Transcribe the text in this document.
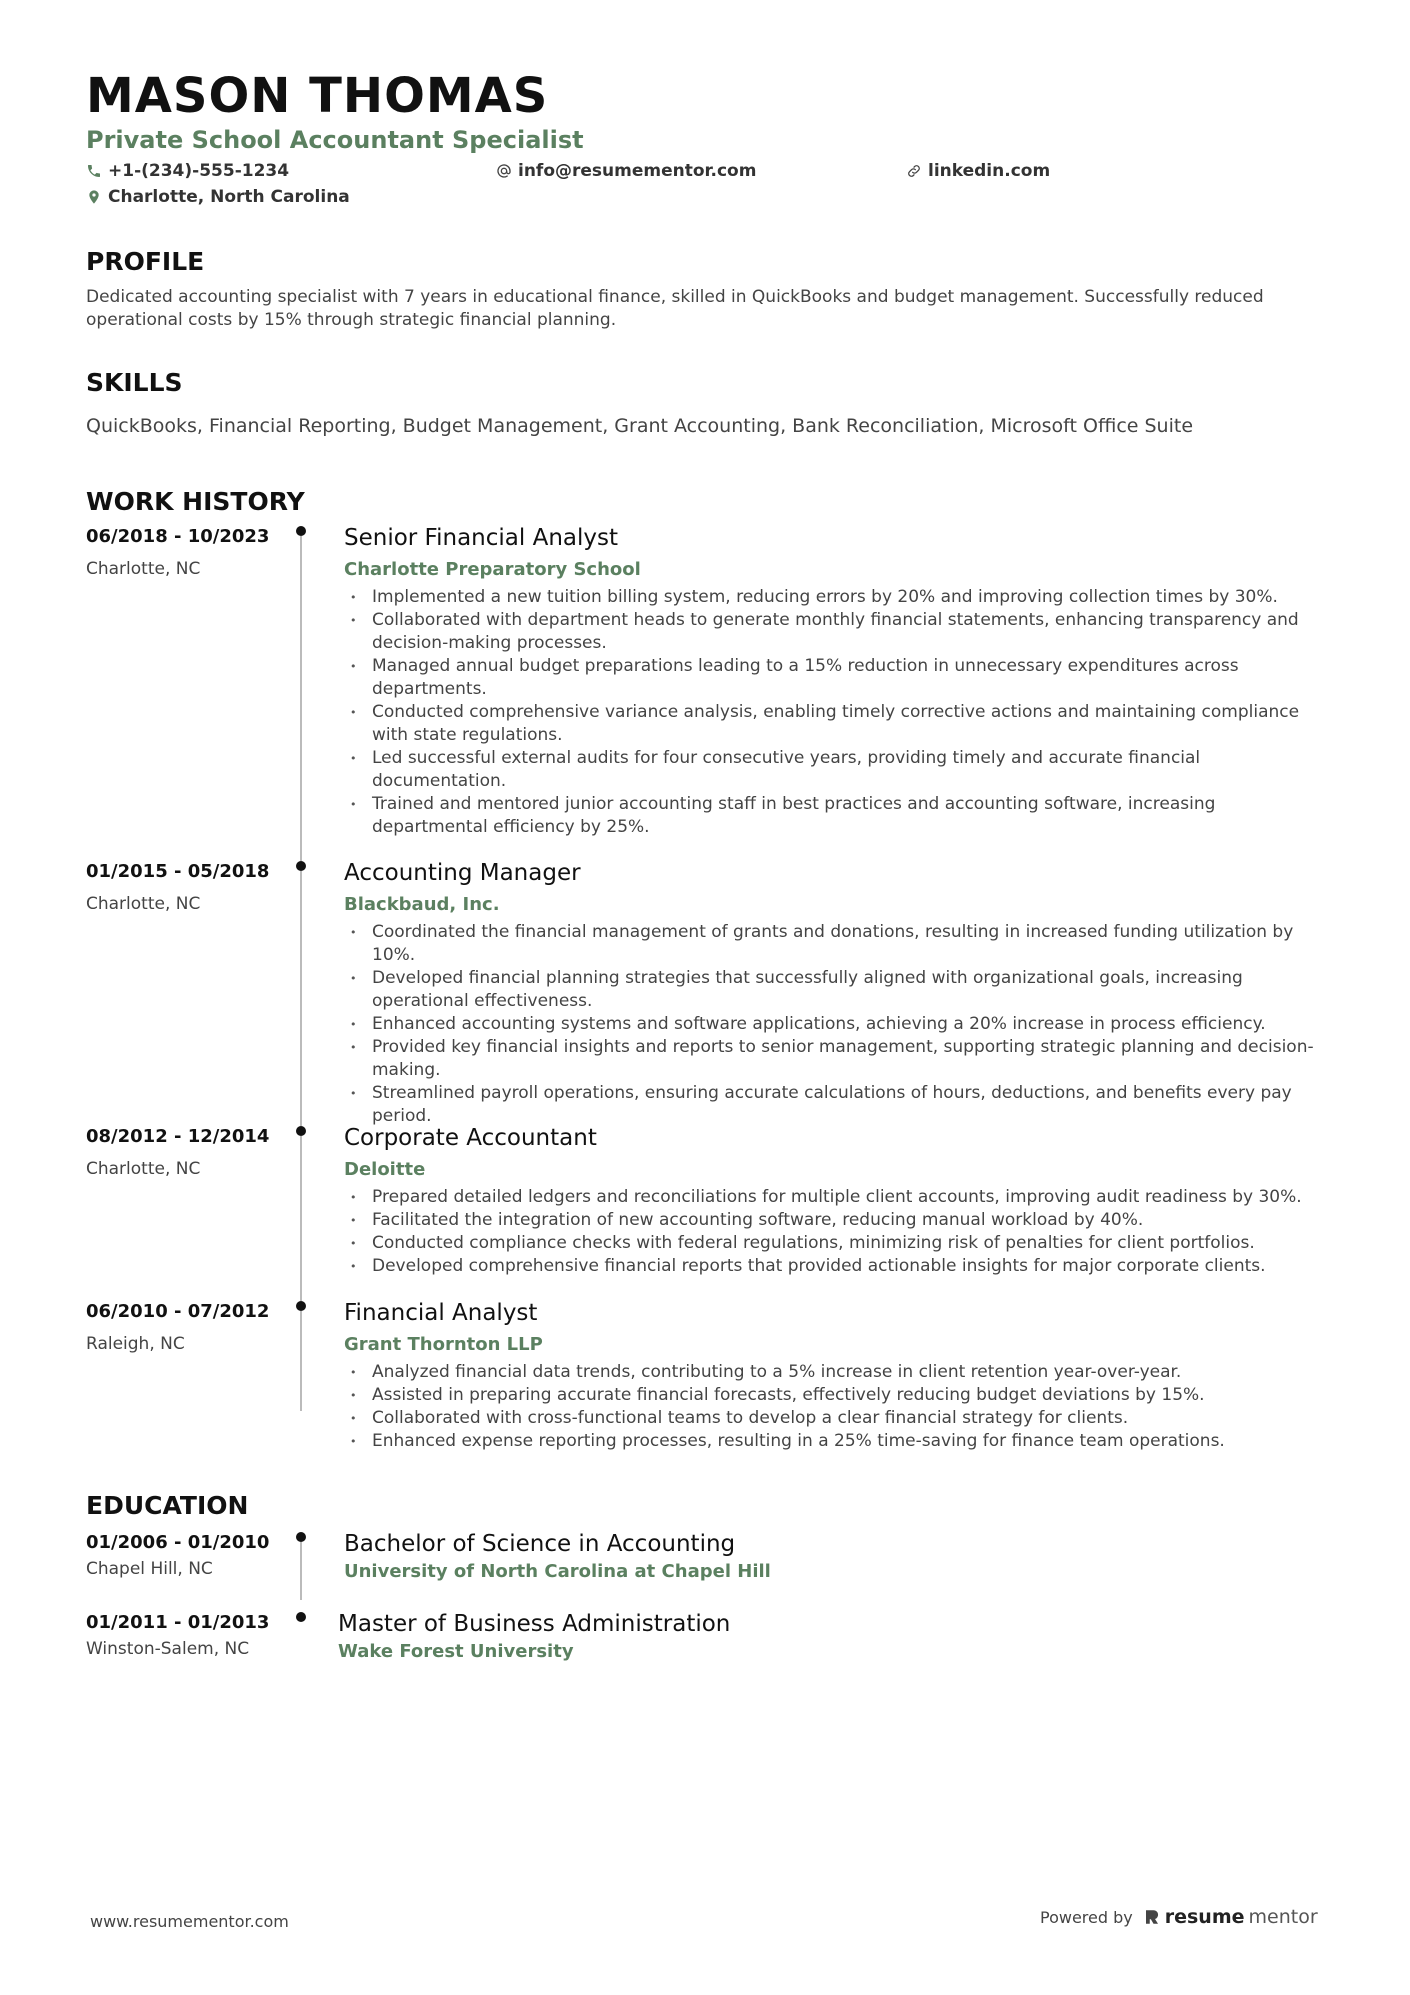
MASON THOMAS
Private School Accountant Specialist
+1-(234)-555-1234	info@resumementor.com	linkedin.com
Charlotte, North Carolina
PROFILE
Dedicated accounting specialist with 7 years in educational finance, skilled in QuickBooks and budget management. Successfully reduced operational costs by 15% through strategic financial planning.
SKILLS
QuickBooks, Financial Reporting, Budget Management, Grant Accounting, Bank Reconciliation, Microsoft Office Suite
WORK HISTORY
06/2018 - 10/2023
Charlotte, NC
Senior Financial Analyst
Charlotte Preparatory School
• Implemented a new tuition billing system, reducing errors by 20% and improving collection times by 30%.
• Collaborated with department heads to generate monthly financial statements, enhancing transparency and decision-making processes.
• Managed annual budget preparations leading to a 15% reduction in unnecessary expenditures across departments.
• Conducted comprehensive variance analysis, enabling timely corrective actions and maintaining compliance with state regulations.
• Led successful external audits for four consecutive years, providing timely and accurate financial documentation.
• Trained and mentored junior accounting staff in best practices and accounting software, increasing departmental efficiency by 25%.
01/2015 - 05/2018
Charlotte, NC
Accounting Manager
Blackbaud, Inc.
• Coordinated the financial management of grants and donations, resulting in increased funding utilization by 10%.
• Developed financial planning strategies that successfully aligned with organizational goals, increasing operational effectiveness.
• Enhanced accounting systems and software applications, achieving a 20% increase in process efficiency.
• Provided key financial insights and reports to senior management, supporting strategic planning and decision-making.
• Streamlined payroll operations, ensuring accurate calculations of hours, deductions, and benefits every pay period.
08/2012 - 12/2014
Charlotte, NC
Corporate Accountant
Deloitte
• Prepared detailed ledgers and reconciliations for multiple client accounts, improving audit readiness by 30%.
• Facilitated the integration of new accounting software, reducing manual workload by 40%.
• Conducted compliance checks with federal regulations, minimizing risk of penalties for client portfolios.
• Developed comprehensive financial reports that provided actionable insights for major corporate clients.
06/2010 - 07/2012
Raleigh, NC
Financial Analyst
Grant Thornton LLP
• Analyzed financial data trends, contributing to a 5% increase in client retention year-over-year.
• Assisted in preparing accurate financial forecasts, effectively reducing budget deviations by 15%.
• Collaborated with cross-functional teams to develop a clear financial strategy for clients.
• Enhanced expense reporting processes, resulting in a 25% time-saving for finance team operations.
EDUCATION
01/2006 - 01/2010
Chapel Hill, NC
Bachelor of Science in Accounting
University of North Carolina at Chapel Hill
01/2011 - 01/2013
Winston-Salem, NC
Master of Business Administration
Wake Forest University
www.resumementor.com	Powered by resume mentor
